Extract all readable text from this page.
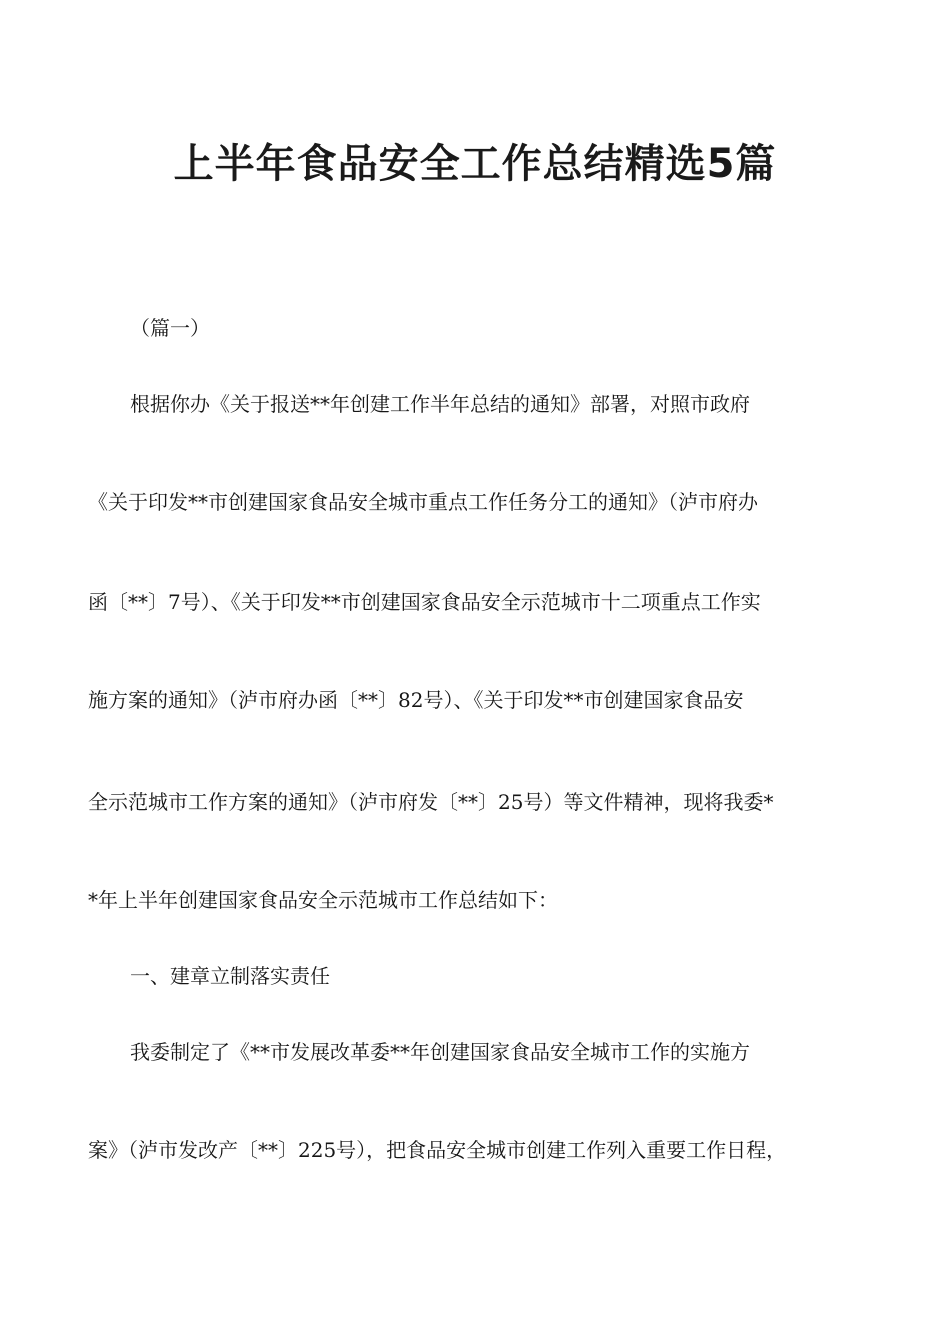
上半年食品安全工作总结精选5篇
（篇一）
根据你办《关于报送**年创建工作半年总结的通知》部署，对照市政府
《关于印发**市创建国家食品安全城市重点工作任务分工的通知》（泸市府办
函〔**〕7号）、《关于印发**市创建国家食品安全示范城市十二项重点工作实
施方案的通知》（泸市府办函〔**〕82号）、《关于印发**市创建国家食品安
全示范城市工作方案的通知》（泸市府发〔**〕25号）等文件精神，现将我委*
*年上半年创建国家食品安全示范城市工作总结如下：
一、建章立制落实责任
我委制定了《**市发展改革委**年创建国家食品安全城市工作的实施方
案》（泸市发改产〔**〕225号），把食品安全城市创建工作列入重要工作日程，
